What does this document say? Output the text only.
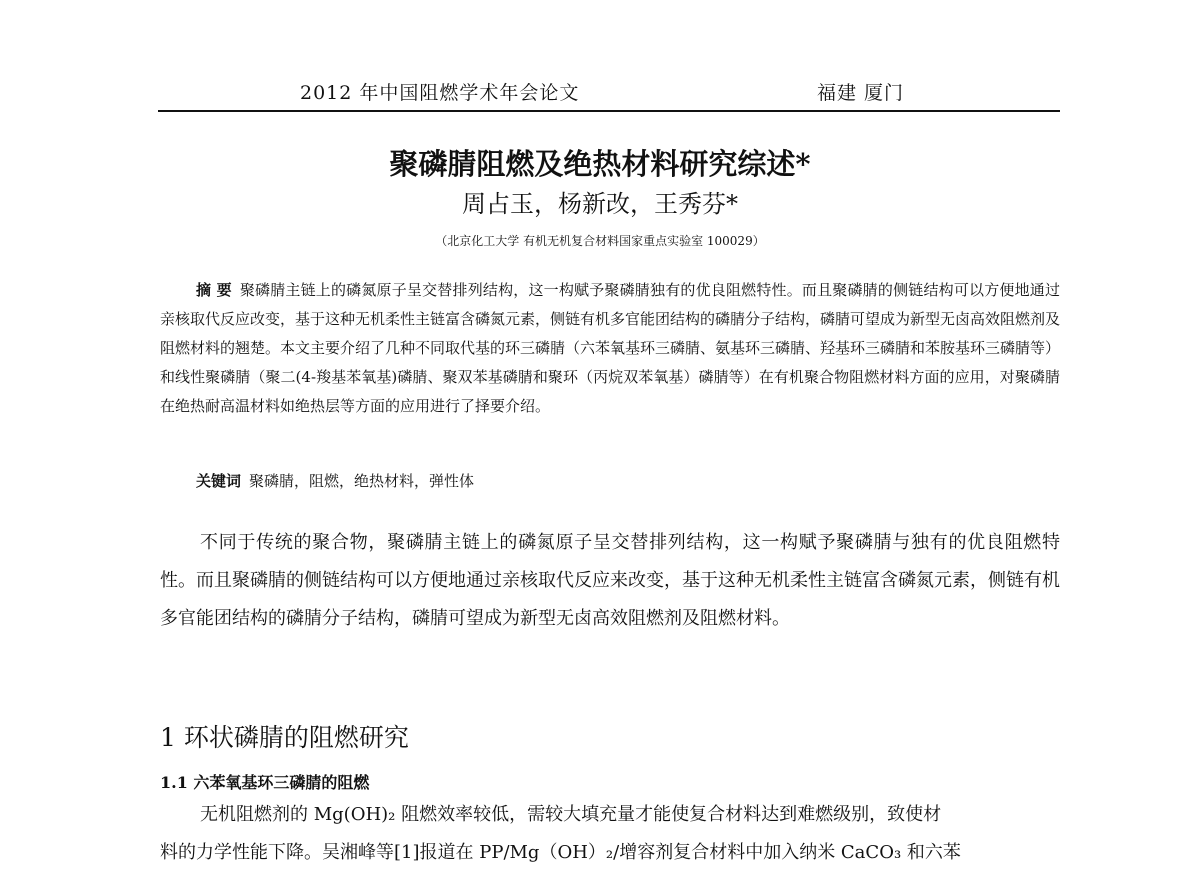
2012 年中国阻燃学术年会论文	福建 厦门
聚磷腈阻燃及绝热材料研究综述*
周占玉，杨新改，王秀芬*
（北京化工大学 有机无机复合材料国家重点实验室 100029）
摘 要 聚磷腈主链上的磷氮原子呈交替排列结构，这一构赋予聚磷腈独有的优良阻燃特性。而且聚磷腈的侧链结构可以方便地通过亲核取代反应改变，基于这种无机柔性主链富含磷氮元素，侧链有机多官能团结构的磷腈分子结构，磷腈可望成为新型无卤高效阻燃剂及阻燃材料的翘楚。本文主要介绍了几种不同取代基的环三磷腈（六苯氧基环三磷腈、氨基环三磷腈、羟基环三磷腈和苯胺基环三磷腈等）和线性聚磷腈（聚二(4-羧基苯氧基)磷腈、聚双苯基磷腈和聚环（丙烷双苯氧基）磷腈等）在有机聚合物阻燃材料方面的应用，对聚磷腈在绝热耐高温材料如绝热层等方面的应用进行了择要介绍。
关键词 聚磷腈，阻燃，绝热材料，弹性体
不同于传统的聚合物，聚磷腈主链上的磷氮原子呈交替排列结构，这一构赋予聚磷腈与独有的优良阻燃特性。而且聚磷腈的侧链结构可以方便地通过亲核取代反应来改变，基于这种无机柔性主链富含磷氮元素，侧链有机多官能团结构的磷腈分子结构，磷腈可望成为新型无卤高效阻燃剂及阻燃材料。
1 环状磷腈的阻燃研究
1.1 六苯氧基环三磷腈的阻燃
无机阻燃剂的 Mg(OH)₂ 阻燃效率较低，需较大填充量才能使复合材料达到难燃级别，致使材
料的力学性能下降。吴湘峰等[1]报道在 PP/Mg（OH）₂/增容剂复合材料中加入纳米 CaCO₃ 和六苯
